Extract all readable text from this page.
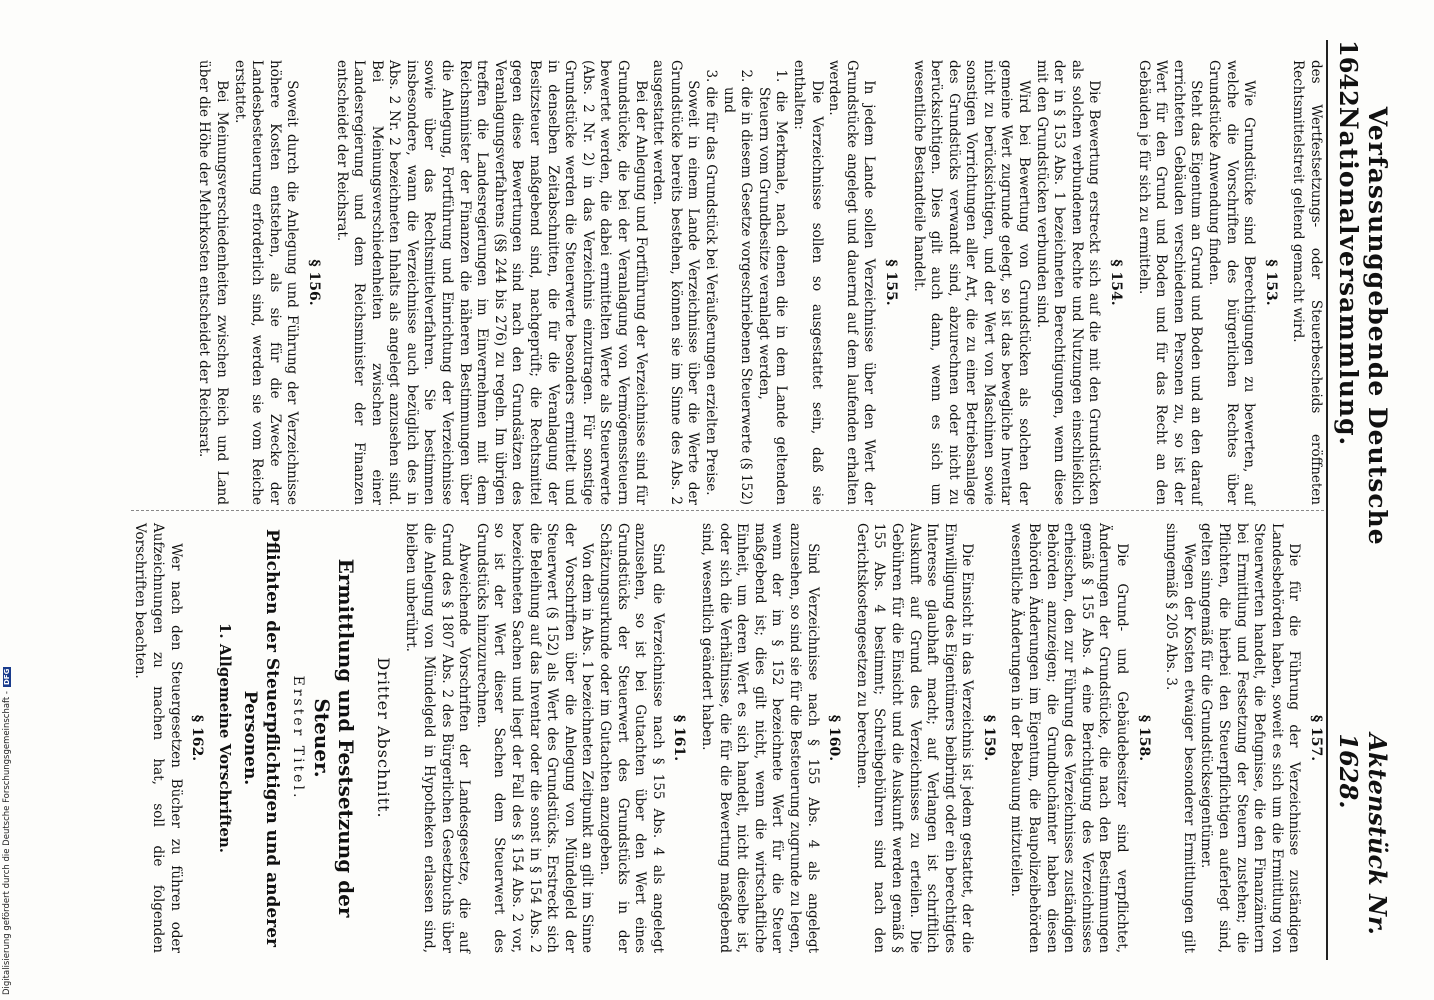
1642
Verfassunggebende Deutsche Nationalversammlung.
Aktenstück Nr. 1628.

des Wertfestsetzungs- oder Steuerbescheids eröffneten Rechtsmittelstreit geltend gemacht wird.

§ 153.

Wie Grundstücke sind Berechtigungen zu bewerten, auf welche die Vorschriften des bürgerlichen Rechtes über Grundstücke Anwendung finden.

Steht das Eigentum an Grund und Boden und an den darauf errichteten Gebäuden verschiedenen Personen zu, so ist der Wert für den Grund und Boden und für das Recht an den Gebäuden je für sich zu ermitteln.

§ 154.

Die Bewertung erstreckt sich auf die mit den Grundstücken als solchen verbundenen Rechte und Nutzungen einschließlich der in § 153 Abs. 1 bezeichneten Berechtigungen, wenn diese mit den Grundstücken verbunden sind.

Wird bei Bewertung von Grundstücken als solchen der gemeine Wert zugrunde gelegt, so ist das bewegliche Inventar nicht zu berücksichtigen, und der Wert von Maschinen sowie sonstigen Vorrichtungen aller Art, die zu einer Betriebsanlage des Grundstücks verwandt sind, abzurechnen oder nicht zu berücksichtigen. Dies gilt auch dann, wenn es sich um wesentliche Bestandteile handelt.

§ 155.

In jedem Lande sollen Verzeichnisse über den Wert der Grundstücke angelegt und dauernd auf dem laufenden erhalten werden.

Die Verzeichnisse sollen so ausgestattet sein, daß sie enthalten:

1. die Merkmale, nach denen die in dem Lande geltenden Steuern vom Grundbesitze veranlagt werden,

2. die in diesem Gesetze vorgeschriebenen Steuerwerte (§ 152) und

3. die für das Grundstück bei Veräußerungen erzielten Preise.

Soweit in einem Lande Verzeichnisse über die Werte der Grundstücke bereits bestehen, können sie im Sinne des Abs. 2 ausgestattet werden.

Bei der Anlegung und Fortführung der Verzeichnisse sind für Grundstücke, die bei der Veranlagung von Vermögenssteuern bewertet werden, die dabei ermittelten Werte als Steuerwerte (Abs. 2 Nr. 2) in das Verzeichnis einzutragen. Für sonstige Grundstücke werden die Steuerwerte besonders ermittelt und in denselben Zeitabschnitten, die für die Veranlagung der Besitzsteuer maßgebend sind, nachgeprüft; die Rechtsmittel gegen diese Bewertungen sind nach den Grundsätzen des Veranlagungsverfahrens (§§ 244 bis 276) zu regeln. Im übrigen treffen die Landesregierungen im Einvernehmen mit dem Reichsminister der Finanzen die näheren Bestimmungen über die Anlegung, Fortführung und Einrichtung der Verzeichnisse sowie über das Rechtsmittelverfahren. Sie bestimmen insbesondere, wann die Verzeichnisse auch bezüglich des in Abs. 2 Nr. 2 bezeichneten Inhalts als angelegt anzusehen sind. Bei Meinungsverschiedenheiten zwischen einer Landesregierung und dem Reichsminister der Finanzen entscheidet der Reichsrat.

§ 156.

Soweit durch die Anlegung und Führung der Verzeichnisse höhere Kosten entstehen, als sie für die Zwecke der Landesbesteuerung erforderlich sind, werden sie vom Reiche erstattet.

Bei Meinungsverschiedenheiten zwischen Reich und Land über die Höhe der Mehrkosten entscheidet der Reichsrat.

§ 157.

Die für die Führung der Verzeichnisse zuständigen Landesbehörden haben, soweit es sich um die Ermittlung von Steuerwerten handelt, die Befugnisse, die den Finanzämtern bei Ermittlung und Festsetzung der Steuern zustehen; die Pflichten, die hierbei den Steuerpflichtigen auferlegt sind, gelten sinngemäß für die Grundstückseigentümer.

Wegen der Kosten etwaiger besonderer Ermittlungen gilt sinngemäß § 205 Abs. 3.

§ 158.

Die Grund- und Gebäudebesitzer sind verpflichtet, Änderungen der Grundstücke, die nach den Bestimmungen gemäß § 155 Abs. 4 eine Berichtigung des Verzeichnisses erheischen, den zur Führung des Verzeichnisses zuständigen Behörden anzuzeigen; die Grundbuchämter haben diesen Behörden Änderungen im Eigentum, die Baupolizeibehörden wesentliche Änderungen in der Bebauung mitzuteilen.

§ 159.

Die Einsicht in das Verzeichnis ist jedem gestattet, der die Einwilligung des Eigentümers beibringt oder ein berechtigtes Interesse glaubhaft macht; auf Verlangen ist schriftlich Auskunft auf Grund des Verzeichnisses zu erteilen. Die Gebühren für die Einsicht und die Auskunft werden gemäß § 155 Abs. 4 bestimmt; Schreibgebühren sind nach den Gerichtskostengesetzen zu berechnen.

§ 160.

Sind Verzeichnisse nach § 155 Abs. 4 als angelegt anzusehen, so sind sie für die Besteuerung zugrunde zu legen, wenn der im § 152 bezeichnete Wert für die Steuer maßgebend ist; dies gilt nicht, wenn die wirtschaftliche Einheit, um deren Wert es sich handelt, nicht dieselbe ist, oder sich die Verhältnisse, die für die Bewertung maßgebend sind, wesentlich geändert haben.

§ 161.

Sind die Verzeichnisse nach § 155 Abs. 4 als angelegt anzusehen, so ist bei Gutachten über den Wert eines Grundstücks der Steuerwert des Grundstücks in der Schätzungsurkunde oder im Gutachten anzugeben.

Von dem in Abs. 1 bezeichneten Zeitpunkt an gilt im Sinne der Vorschriften über die Anlegung von Mündelgeld der Steuerwert (§ 152) als Wert des Grundstücks. Erstreckt sich die Beleihung auf das Inventar oder die sonst in § 154 Abs. 2 bezeichneten Sachen und liegt der Fall des § 154 Abs. 2 vor, so ist der Wert dieser Sachen dem Steuerwert des Grundstücks hinzuzurechnen.

Abweichende Vorschriften der Landesgesetze, die auf Grund des § 1807 Abs. 2 des Bürgerlichen Gesetzbuchs über die Anlegung von Mündelgeld in Hypotheken erlassen sind, bleiben unberührt.

Dritter Abschnitt.
Ermittlung und Festsetzung der Steuer.
Erster Titel.
Pflichten der Steuerpflichtigen und anderer Personen.
1. Allgemeine Vorschriften.
§ 162.

Wer nach den Steuergesetzen Bücher zu führen oder Aufzeichnungen zu machen hat, soll die folgenden Vorschriften beachten.

Digitalisierung gefördert durch die Deutsche Forschungsgemeinschaft -
DFG
